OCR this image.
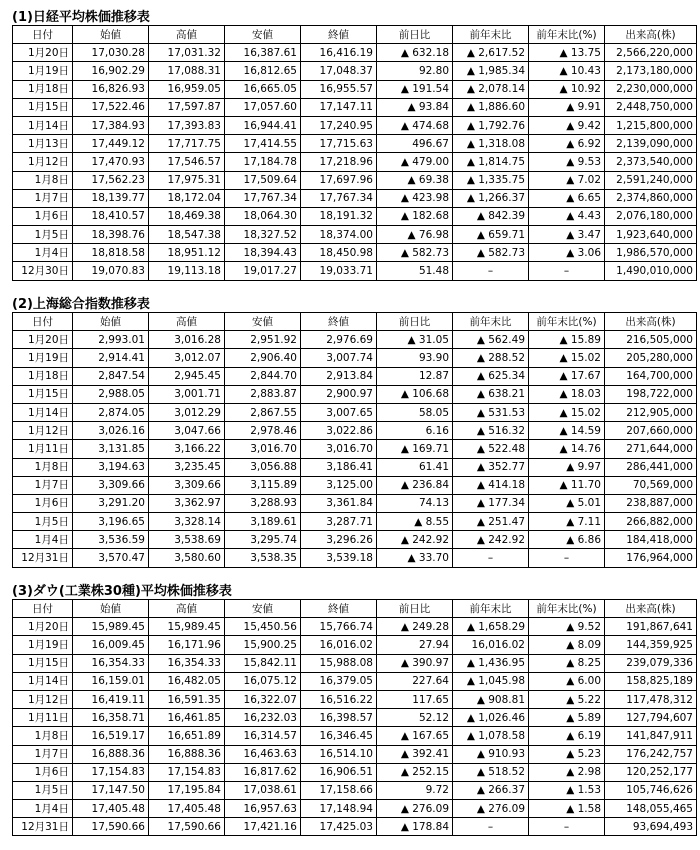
(1)日経平均株価推移表
日付	始値	高値	安値	終値	前日比	前年末比	前年末比(%)	出来高(株)
1月20日	17,030.28	17,031.32	16,387.61	16,416.19	▲ 632.18	▲ 2,617.52	▲ 13.75	2,566,220,000
1月19日	16,902.29	17,088.31	16,812.65	17,048.37	92.80	▲ 1,985.34	▲ 10.43	2,173,180,000
1月18日	16,826.93	16,959.05	16,665.05	16,955.57	▲ 191.54	▲ 2,078.14	▲ 10.92	2,230,000,000
1月15日	17,522.46	17,597.87	17,057.60	17,147.11	▲ 93.84	▲ 1,886.60	▲ 9.91	2,448,750,000
1月14日	17,384.93	17,393.83	16,944.41	17,240.95	▲ 474.68	▲ 1,792.76	▲ 9.42	1,215,800,000
1月13日	17,449.12	17,717.75	17,414.55	17,715.63	496.67	▲ 1,318.08	▲ 6.92	2,139,090,000
1月12日	17,470.93	17,546.57	17,184.78	17,218.96	▲ 479.00	▲ 1,814.75	▲ 9.53	2,373,540,000
1月8日	17,562.23	17,975.31	17,509.64	17,697.96	▲ 69.38	▲ 1,335.75	▲ 7.02	2,591,240,000
1月7日	18,139.77	18,172.04	17,767.34	17,767.34	▲ 423.98	▲ 1,266.37	▲ 6.65	2,374,860,000
1月6日	18,410.57	18,469.38	18,064.30	18,191.32	▲ 182.68	▲ 842.39	▲ 4.43	2,076,180,000
1月5日	18,398.76	18,547.38	18,327.52	18,374.00	▲ 76.98	▲ 659.71	▲ 3.47	1,923,640,000
1月4日	18,818.58	18,951.12	18,394.43	18,450.98	▲ 582.73	▲ 582.73	▲ 3.06	1,986,570,000
12月30日	19,070.83	19,113.18	19,017.27	19,033.71	51.48	–	–	1,490,010,000
(2)上海総合指数推移表
日付	始値	高値	安値	終値	前日比	前年末比	前年末比(%)	出来高(株)
1月20日	2,993.01	3,016.28	2,951.92	2,976.69	▲ 31.05	▲ 562.49	▲ 15.89	216,505,000
1月19日	2,914.41	3,012.07	2,906.40	3,007.74	93.90	▲ 288.52	▲ 15.02	205,280,000
1月18日	2,847.54	2,945.45	2,844.70	2,913.84	12.87	▲ 625.34	▲ 17.67	164,700,000
1月15日	2,988.05	3,001.71	2,883.87	2,900.97	▲ 106.68	▲ 638.21	▲ 18.03	198,722,000
1月14日	2,874.05	3,012.29	2,867.55	3,007.65	58.05	▲ 531.53	▲ 15.02	212,905,000
1月12日	3,026.16	3,047.66	2,978.46	3,022.86	6.16	▲ 516.32	▲ 14.59	207,660,000
1月11日	3,131.85	3,166.22	3,016.70	3,016.70	▲ 169.71	▲ 522.48	▲ 14.76	271,644,000
1月8日	3,194.63	3,235.45	3,056.88	3,186.41	61.41	▲ 352.77	▲ 9.97	286,441,000
1月7日	3,309.66	3,309.66	3,115.89	3,125.00	▲ 236.84	▲ 414.18	▲ 11.70	70,569,000
1月6日	3,291.20	3,362.97	3,288.93	3,361.84	74.13	▲ 177.34	▲ 5.01	238,887,000
1月5日	3,196.65	3,328.14	3,189.61	3,287.71	▲ 8.55	▲ 251.47	▲ 7.11	266,882,000
1月4日	3,536.59	3,538.69	3,295.74	3,296.26	▲ 242.92	▲ 242.92	▲ 6.86	184,418,000
12月31日	3,570.47	3,580.60	3,538.35	3,539.18	▲ 33.70	–	–	176,964,000
(3)ダウ(工業株30種)平均株価推移表
日付	始値	高値	安値	終値	前日比	前年末比	前年末比(%)	出来高(株)
1月20日	15,989.45	15,989.45	15,450.56	15,766.74	▲ 249.28	▲ 1,658.29	▲ 9.52	191,867,641
1月19日	16,009.45	16,171.96	15,900.25	16,016.02	27.94	16,016.02	▲ 8.09	144,359,925
1月15日	16,354.33	16,354.33	15,842.11	15,988.08	▲ 390.97	▲ 1,436.95	▲ 8.25	239,079,336
1月14日	16,159.01	16,482.05	16,075.12	16,379.05	227.64	▲ 1,045.98	▲ 6.00	158,825,189
1月12日	16,419.11	16,591.35	16,322.07	16,516.22	117.65	▲ 908.81	▲ 5.22	117,478,312
1月11日	16,358.71	16,461.85	16,232.03	16,398.57	52.12	▲ 1,026.46	▲ 5.89	127,794,607
1月8日	16,519.17	16,651.89	16,314.57	16,346.45	▲ 167.65	▲ 1,078.58	▲ 6.19	141,847,911
1月7日	16,888.36	16,888.36	16,463.63	16,514.10	▲ 392.41	▲ 910.93	▲ 5.23	176,242,757
1月6日	17,154.83	17,154.83	16,817.62	16,906.51	▲ 252.15	▲ 518.52	▲ 2.98	120,252,177
1月5日	17,147.50	17,195.84	17,038.61	17,158.66	9.72	▲ 266.37	▲ 1.53	105,746,626
1月4日	17,405.48	17,405.48	16,957.63	17,148.94	▲ 276.09	▲ 276.09	▲ 1.58	148,055,465
12月31日	17,590.66	17,590.66	17,421.16	17,425.03	▲ 178.84	–	–	93,694,493
